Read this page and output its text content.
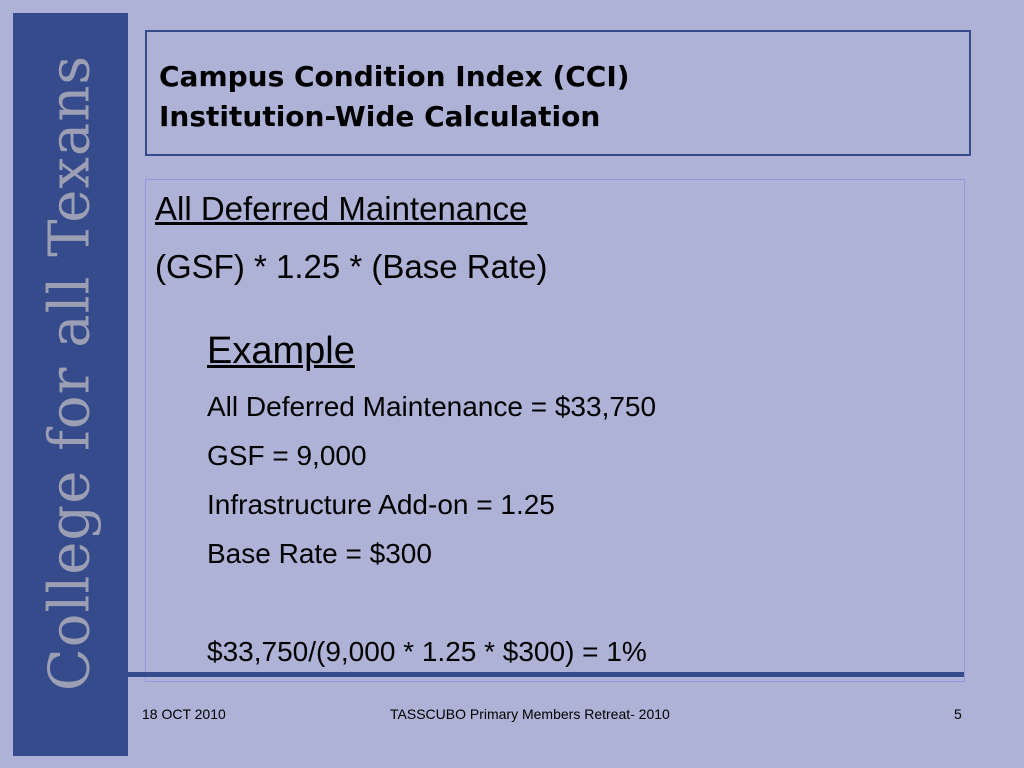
College for all Texans Campus Condition Index (CCI)
Institution-Wide Calculation
All Deferred Maintenance
(GSF) * 1.25 * (Base Rate)
Example
All Deferred Maintenance = $33,750
GSF = 9,000
Infrastructure Add-on = 1.25
Base Rate = $300
$33,750/(9,000 * 1.25 * $300) = 1%
18 OCT 2010	TASSCUBO Primary Members Retreat- 2010	5
